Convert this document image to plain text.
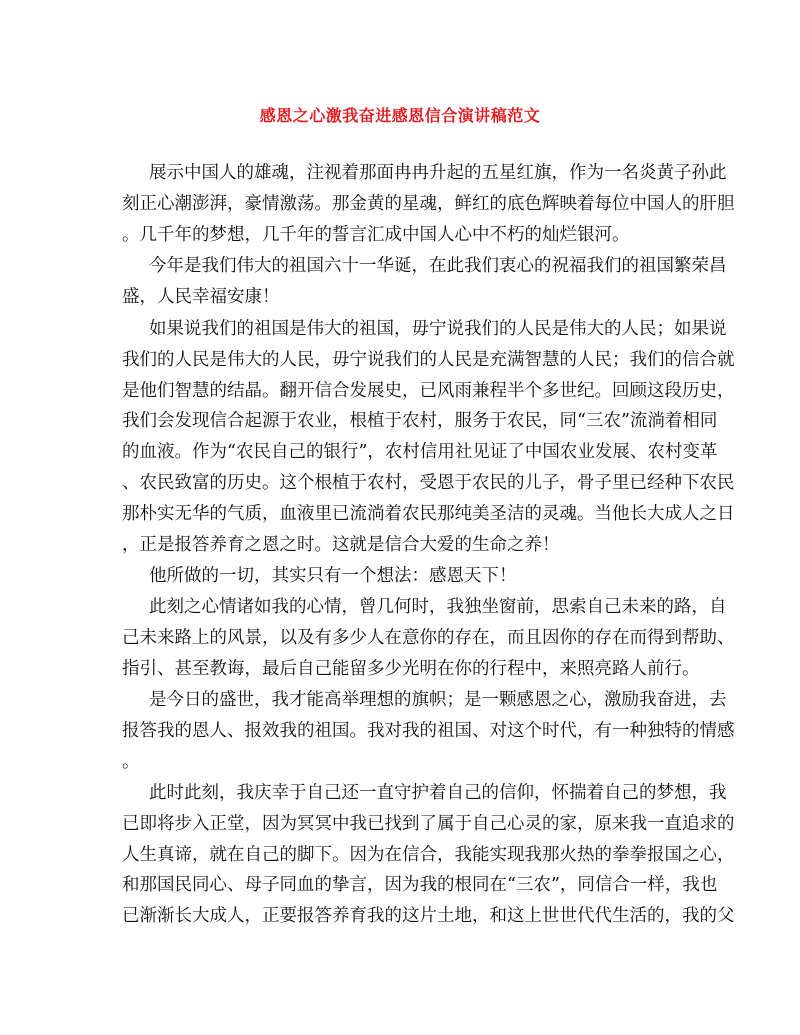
感恩之心激我奋进感恩信合演讲稿范文
展示中国人的雄魂，注视着那面冉冉升起的五星红旗，作为一名炎黄子孙此
刻正心潮澎湃，豪情激荡。那金黄的星魂，鲜红的底色辉映着每位中国人的肝胆
。几千年的梦想，几千年的誓言汇成中国人心中不朽的灿烂银河。
今年是我们伟大的祖国六十一华诞，在此我们衷心的祝福我们的祖国繁荣昌
盛，人民幸福安康！
如果说我们的祖国是伟大的祖国，毋宁说我们的人民是伟大的人民；如果说
我们的人民是伟大的人民，毋宁说我们的人民是充满智慧的人民；我们的信合就
是他们智慧的结晶。翻开信合发展史，已风雨兼程半个多世纪。回顾这段历史，
我们会发现信合起源于农业，根植于农村，服务于农民，同“三农”流淌着相同
的血液。作为“农民自己的银行”，农村信用社见证了中国农业发展、农村变革
、农民致富的历史。这个根植于农村，受恩于农民的儿子，骨子里已经种下农民
那朴实无华的气质，血液里已流淌着农民那纯美圣洁的灵魂。当他长大成人之日
，正是报答养育之恩之时。这就是信合大爱的生命之养！
他所做的一切，其实只有一个想法：感恩天下！
此刻之心情诸如我的心情，曾几何时，我独坐窗前，思索自己未来的路，自
己未来路上的风景，以及有多少人在意你的存在，而且因你的存在而得到帮助、
指引、甚至教诲，最后自己能留多少光明在你的行程中，来照亮路人前行。
是今日的盛世，我才能高举理想的旗帜；是一颗感恩之心，激励我奋进，去
报答我的恩人、报效我的祖国。我对我的祖国、对这个时代，有一种独特的情感
。
此时此刻，我庆幸于自己还一直守护着自己的信仰，怀揣着自己的梦想，我
已即将步入正堂，因为冥冥中我已找到了属于自己心灵的家，原来我一直追求的
人生真谛，就在自己的脚下。因为在信合，我能实现我那火热的拳拳报国之心，
和那国民同心、母子同血的挚言，因为我的根同在“三农”，同信合一样，我也
已渐渐长大成人，正要报答养育我的这片土地，和这上世世代代生活的，我的父
